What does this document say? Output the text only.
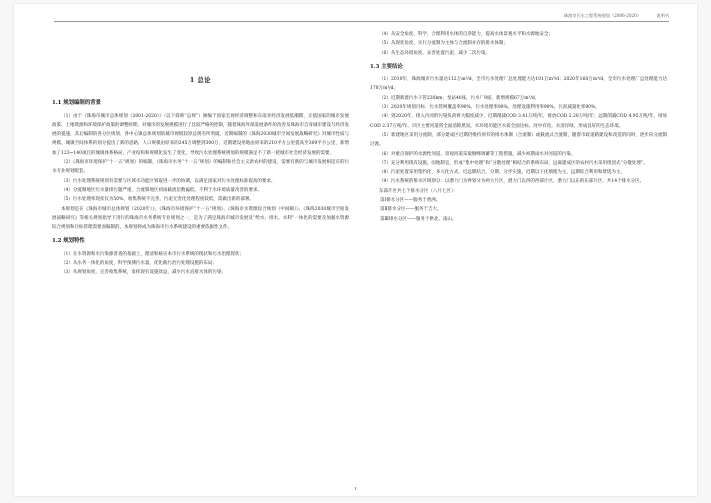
珠海市污水工程系统规划（2006-2020）	说明书
1 总论
1.1 规划编制的背景

（1）由于《珠海市城市总体规划（2001-2020）》（以下简称“总规”）修编于国家宏观经济调整和东南亚经济发展低潮期，正值国家的城市发展政策、土地资源和环境保护政策的调整时期，对城市的发展规模进行了比较严格的控制，随着珠海外部发展条件的改善及珠海市自身城市建设与经济发展的提速，其后编制的各分区规划、各中心镇总体规划的城市规模较原总规有所突破，近期编制的《珠海2030城市空间发展战略研究》对城市性质与规模、城镇空间体系的划分提出了新的思路，人口规模由原来的245万调整到300万，近期建设用地由原来的210平方公里提高至309平方公里，新增加了123~140项目的城镇体系格局，产业结构和规模化发生了变化，导致污水处理系统规划的规模满足不了新一轮城市社会经济发展的需要。

（2）《珠海市环境保护“十一五”规划》的编制，《珠海市水务“十一五”规划》的编制和社会主义新农村的建设，需要有新的与城市发展相适应的污水专业规划配套。

（3）污水处理系统规划有需要与区域水功能区划取进一步的协调，以满足国家对污水处理标准提高的要求。

（4）分流制地区污水量排污题严重，合流制地区初雨截流倍数偏低，不利于水环境质量改善的要求。

（5）污水处理率现状仅为50%，收集系统不完善，污泥无害化处理程度较低，需做出新的部署。

本规划是在《珠海市城市总体规划（2020年）》、《珠海市环境保护“十一五”规划》、《珠海市水资源综合规划（中间稿）》、《珠海2030城市空间发展战略研究》等相关规划指导下进行的珠海市水务系统专业规划之一，是为了满足珠海市城市发展及“给水、排水、水利”一体化的需要及加强水资源综合规划和目标管理需要而编制的，本规划将成为珠海市污水系统建设的重要依据性文件。

1.2 规划特性

（1）在水资源和水污染源普查的基础上，理清和核实本市污水系统的现状和污水治理现状；

（2）从水务一体化的角度，科学预测污水量，优化截污治污处理设施的布局；

（3）从规划角度，完善收集系统，发挥现有设施效益，减少污水直排水体的污染；

（4）从安全角度，科学，合理利用水体的自净能力，提高水体景观水平和水源地安全；

（5）从现状角度，实行分流制为主体与合流制并存的排水体制；

（6）从生态环境角度，妥善处置污泥，减少二次污染。

1.3 主要结论

（1）2010年，珠海城市污水量达112万m³/d，全市污水处理厂总处理能力达101万m³/d；2020年168万m³/d，全市污水处理厂总处理能力达178万m³/d。

（2）近期新建污水干管230km，泵站40座，污水厂9座，新增规模67万m³/d。

（3）2020年规划目标：污水管网覆盖率90%，污水处理率90%，处理设施利用率90%，污泥减量化率90%。

（4）到2020年，排入内河的污染负荷将大幅度减少，近期削减COD 3.41万吨/年，排放COD 2.28万吨/年；远期削减COD 4.95万吨/年，排放COD 2.37万吨/年。市区主要河道将全面消除黑臭，水环境功能区水质全面达标，河中有鱼，水清岸绿，形成良好的生态环境。

（5）新建地区采用分流制，部分建成区近期仍维持原有的排水体制（合流制）或截流式合流制，随着市政道路建设和改造的同时，逐步向分流制过渡。

（6）对重点保护的水源性河道、景观河道采取倒峰调蓄等工程措施，减少初期雨水对河道的污染。

（7）充分利用现有设施，因地制宜，形成“集中处理”和“分散处理”相结合的系统布局，远离建成区的农村污水采用组团式“分散处理”。

（8）污泥处置采用集约化，多元化方式，近远期结合，分期、分步实施，近期以干化填埋为主，远期综合利用和焚烧为主。

（9）污水系统的排水区域划分：以潜力门为界划分为两大片区，潜力门以西的西部片区，潜力门以东的东部片区，共14个排水分区。

东部片区共七个排水分区（八片七区）：

第Ⅰ排水分区——服务于香洲。

第Ⅱ排水分区——服务于吉大。

第Ⅲ排水分区——服务于拱北、南山。

1
